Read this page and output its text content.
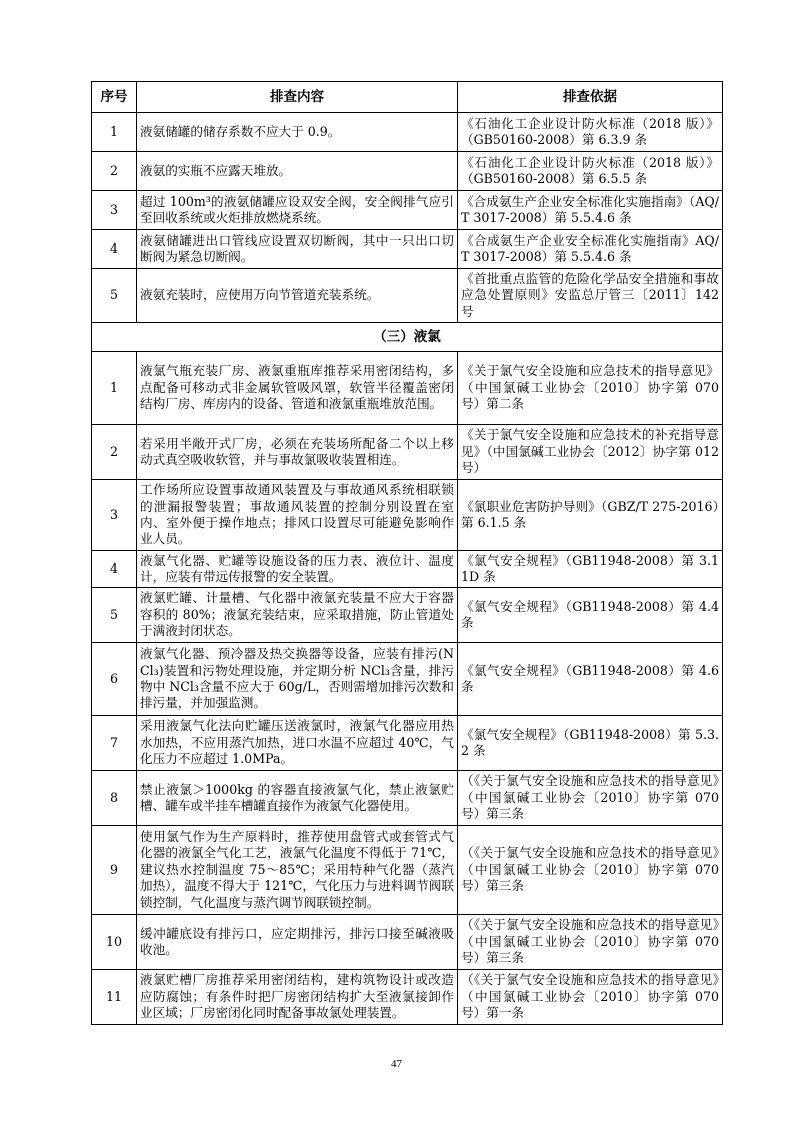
序号	排查内容	排查依据
1	液氨储罐的储存系数不应大于 0.9。	《石油化工企业设计防火标准（2018 版）》（GB50160-2008）第 6.3.9 条
2	液氨的实瓶不应露天堆放。	《石油化工企业设计防火标准（2018 版）》（GB50160-2008）第 6.5.5 条
3	超过 100m³的液氨储罐应设双安全阀，安全阀排气应引至回收系统或火炬排放燃烧系统。	《合成氨生产企业安全标准化实施指南》（AQ/T 3017-2008）第 5.5.4.6 条
4	液氨储罐进出口管线应设置双切断阀，其中一只出口切断阀为紧急切断阀。	《合成氨生产企业安全标准化实施指南》AQ/T 3017-2008）第 5.5.4.6 条
5	液氨充装时，应使用万向节管道充装系统。	《首批重点监管的危险化学品安全措施和事故应急处置原则》安监总厅管三〔2011〕142 号
（三）液氯		
1	液氯气瓶充装厂房、液氯重瓶库推荐采用密闭结构，多点配备可移动式非金属软管吸风罩，软管半径覆盖密闭结构厂房、库房内的设备、管道和液氯重瓶堆放范围。	《关于氯气安全设施和应急技术的指导意见》（中国氯碱工业协会〔2010〕协字第 070 号）第二条
2	若采用半敞开式厂房，必须在充装场所配备二个以上移动式真空吸收软管，并与事故氯吸收装置相连。	《关于氯气安全设施和应急技术的补充指导意见》（中国氯碱工业协会〔2012〕协字第 012 号）
3	工作场所应设置事故通风装置及与事故通风系统相联锁的泄漏报警装置；事故通风装置的控制分别设置在室内、室外便于操作地点；排风口设置尽可能避免影响作业人员。	《氯职业危害防护导则》（GBZ/T 275-2016）第 6.1.5 条
4	液氯气化器、贮罐等设施设备的压力表、液位计、温度计，应装有带远传报警的安全装置。	《氯气安全规程》（GB11948-2008）第 3.11D 条
5	液氯贮罐、计量槽、气化器中液氯充装量不应大于容器容积的 80%；液氯充装结束，应采取措施，防止管道处于满液封闭状态。	《氯气安全规程》（GB11948-2008）第 4.4 条
6	液氯气化器、预冷器及热交换器等设备，应装有排污(NCl₃)装置和污物处理设施，并定期分析 NCl₃含量，排污物中 NCl₃含量不应大于 60g/L，否则需增加排污次数和排污量，并加强监测。	《氯气安全规程》（GB11948-2008）第 4.6 条
7	采用液氯气化法向贮罐压送液氯时，液氯气化器应用热水加热，不应用蒸汽加热，进口水温不应超过 40℃，气化压力不应超过 1.0MPa。	《氯气安全规程》（GB11948-2008）第 5.3.2 条
8	禁止液氯＞1000kg 的容器直接液氯气化，禁止液氯贮槽、罐车或半挂车槽罐直接作为液氯气化器使用。	（《关于氯气安全设施和应急技术的指导意见》（中国氯碱工业协会〔2010〕协字第 070 号）第三条
9	使用氯气作为生产原料时，推荐使用盘管式或套管式气化器的液氯全气化工艺，液氯气化温度不得低于 71℃，建议热水控制温度 75～85℃；采用特种气化器（蒸汽加热），温度不得大于 121℃，气化压力与进料调节阀联锁控制，气化温度与蒸汽调节阀联锁控制。	（《关于氯气安全设施和应急技术的指导意见》（中国氯碱工业协会〔2010〕协字第 070 号）第三条
10	缓冲罐底设有排污口，应定期排污，排污口接至碱液吸收池。	（《关于氯气安全设施和应急技术的指导意见》（中国氯碱工业协会〔2010〕协字第 070 号）第三条
11	液氯贮槽厂房推荐采用密闭结构，建构筑物设计或改造应防腐蚀；有条件时把厂房密闭结构扩大至液氯接卸作业区域；厂房密闭化同时配备事故氯处理装置。	（《关于氯气安全设施和应急技术的指导意见》（中国氯碱工业协会〔2010〕协字第 070 号）第一条
47
